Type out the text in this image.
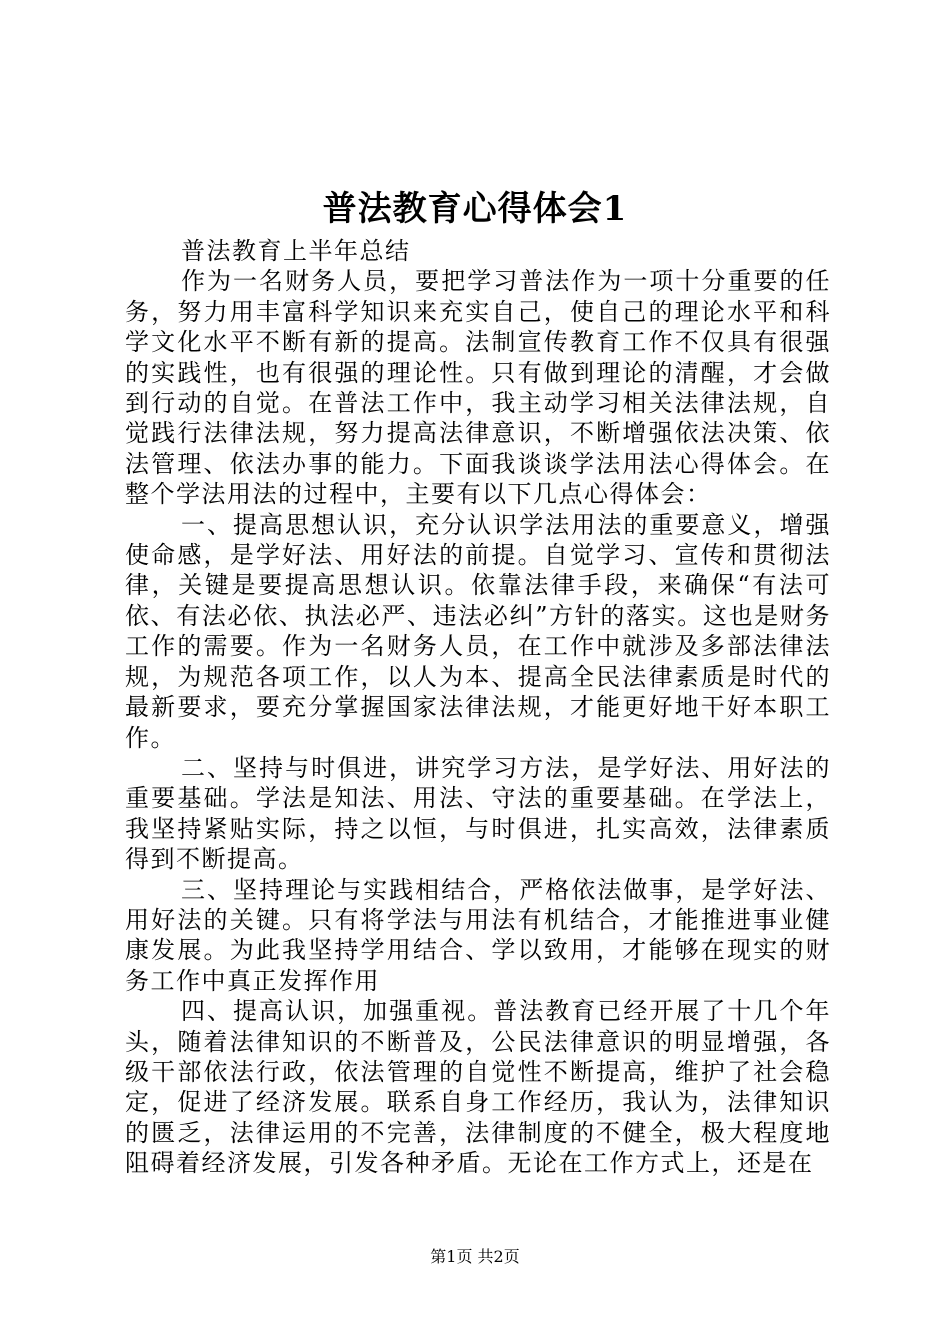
普法教育心得体会1

普法教育上半年总结

作为一名财务人员，要把学习普法作为一项十分重要的任务，努力用丰富科学知识来充实自己，使自己的理论水平和科学文化水平不断有新的提高。法制宣传教育工作不仅具有很强的实践性，也有很强的理论性。只有做到理论的清醒，才会做到行动的自觉。在普法工作中，我主动学习相关法律法规，自觉践行法律法规，努力提高法律意识，不断增强依法决策、依法管理、依法办事的能力。下面我谈谈学法用法心得体会。在整个学法用法的过程中，主要有以下几点心得体会：

一、提高思想认识，充分认识学法用法的重要意义，增强使命感，是学好法、用好法的前提。自觉学习、宣传和贯彻法律，关键是要提高思想认识。依靠法律手段，来确保“有法可依、有法必依、执法必严、违法必纠”方针的落实。这也是财务工作的需要。作为一名财务人员，在工作中就涉及多部法律法规，为规范各项工作，以人为本、提高全民法律素质是时代的最新要求，要充分掌握国家法律法规，才能更好地干好本职工作。

二、坚持与时俱进，讲究学习方法，是学好法、用好法的重要基础。学法是知法、用法、守法的重要基础。在学法上，我坚持紧贴实际，持之以恒，与时俱进，扎实高效，法律素质得到不断提高。

三、坚持理论与实践相结合，严格依法做事，是学好法、用好法的关键。只有将学法与用法有机结合，才能推进事业健康发展。为此我坚持学用结合、学以致用，才能够在现实的财务工作中真正发挥作用

四、提高认识，加强重视。普法教育已经开展了十几个年头，随着法律知识的不断普及，公民法律意识的明显增强，各级干部依法行政，依法管理的自觉性不断提高，维护了社会稳定，促进了经济发展。联系自身工作经历，我认为，法律知识的匮乏，法律运用的不完善，法律制度的不健全，极大程度地阻碍着经济发展，引发各种矛盾。无论在工作方式上，还是在

第1页 共2页
